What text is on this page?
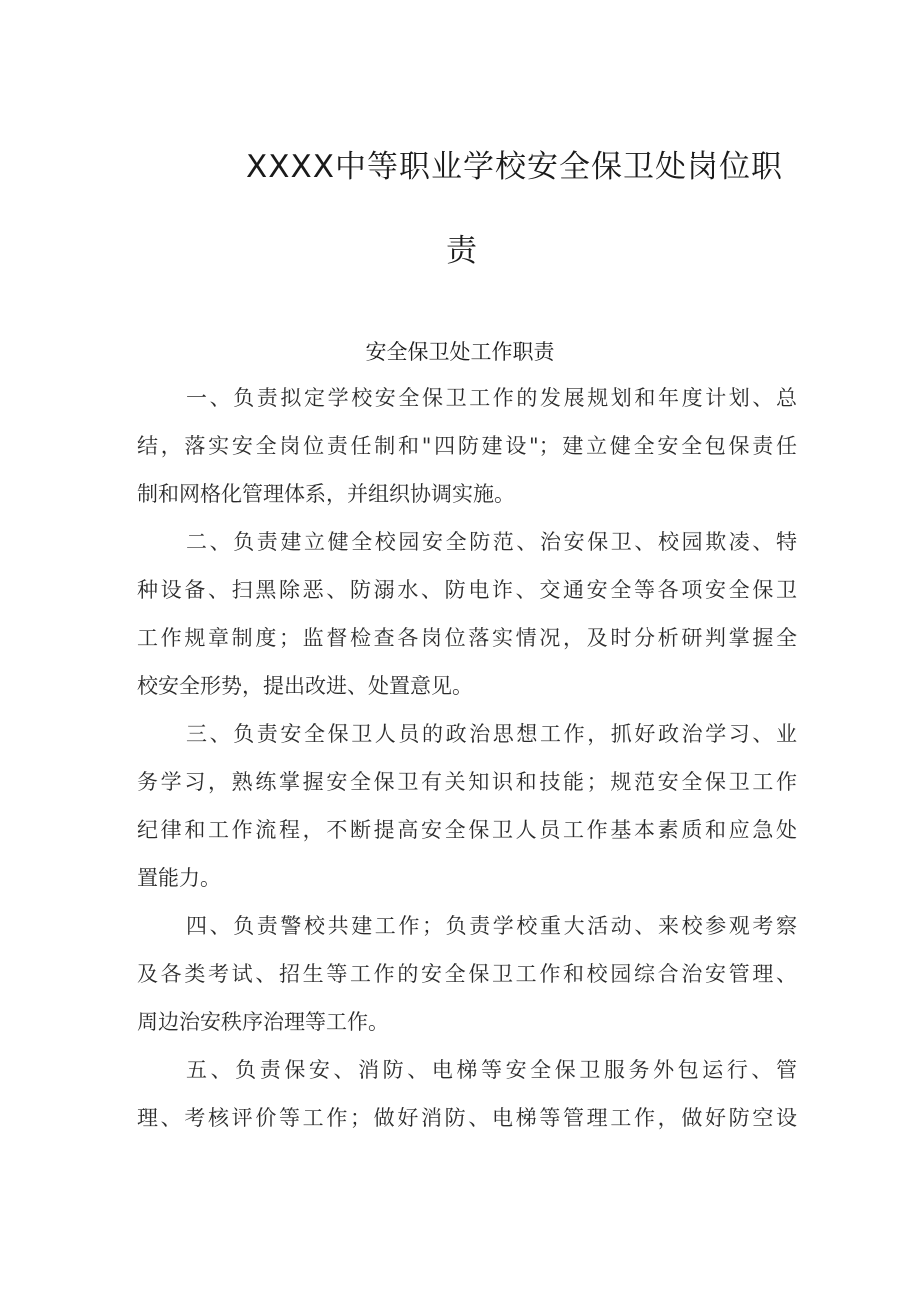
XXXX中等职业学校安全保卫处岗位职
责
安全保卫处工作职责
一、负责拟定学校安全保卫工作的发展规划和年度计划、总
结，落实安全岗位责任制和"四防建设"；建立健全安全包保责任
制和网格化管理体系，并组织协调实施。
二、负责建立健全校园安全防范、治安保卫、校园欺凌、特
种设备、扫黑除恶、防溺水、防电诈、交通安全等各项安全保卫
工作规章制度；监督检查各岗位落实情况，及时分析研判掌握全
校安全形势，提出改进、处置意见。
三、负责安全保卫人员的政治思想工作，抓好政治学习、业
务学习，熟练掌握安全保卫有关知识和技能；规范安全保卫工作
纪律和工作流程，不断提高安全保卫人员工作基本素质和应急处
置能力。
四、负责警校共建工作；负责学校重大活动、来校参观考察
及各类考试、招生等工作的安全保卫工作和校园综合治安管理、
周边治安秩序治理等工作。
五、负责保安、消防、电梯等安全保卫服务外包运行、管
理、考核评价等工作；做好消防、电梯等管理工作，做好防空设
